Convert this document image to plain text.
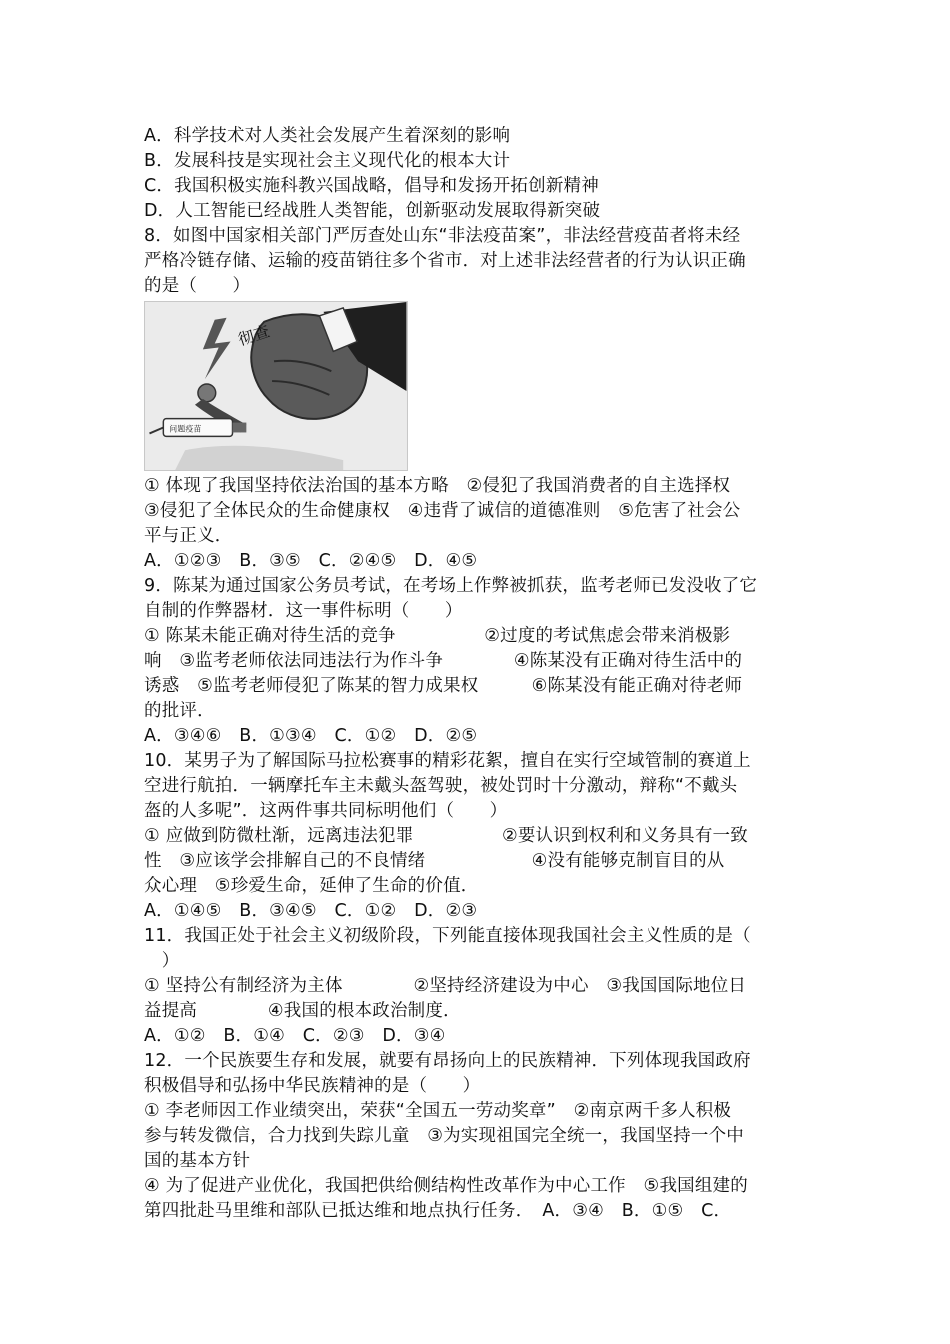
A．科学技术对人类社会发展产生着深刻的影响
B．发展科技是实现社会主义现代化的根本大计
C．我国积极实施科教兴国战略，倡导和发扬开拓创新精神
D．人工智能已经战胜人类智能，创新驱动发展取得新突破
8．如图中国家相关部门严厉查处山东“非法疫苗案”，非法经营疫苗者将未经
严格冷链存储、运输的疫苗销往多个省市．对上述非法经营者的行为认识正确
的是（　　）
彻查
问题疫苗
① 体现了我国坚持依法治国的基本方略　②侵犯了我国消费者的自主选择权
③侵犯了全体民众的生命健康权　④违背了诚信的道德准则　⑤危害了社会公
平与正义．
A．①②③　B．③⑤　C．②④⑤　D．④⑤
9．陈某为通过国家公务员考试，在考场上作弊被抓获，监考老师已发没收了它
自制的作弊器材．这一事件标明（　　）
① 陈某未能正确对待生活的竞争　　　　　②过度的考试焦虑会带来消极影
响　③监考老师依法同违法行为作斗争　　　　④陈某没有正确对待生活中的
诱惑　⑤监考老师侵犯了陈某的智力成果权　　　⑥陈某没有能正确对待老师
的批评．
A．③④⑥　B．①③④　C．①②　D．②⑤
10．某男子为了解国际马拉松赛事的精彩花絮，擅自在实行空域管制的赛道上
空进行航拍．一辆摩托车主未戴头盔驾驶，被处罚时十分激动，辩称“不戴头
盔的人多呢”．这两件事共同标明他们（　　）
① 应做到防微杜渐，远离违法犯罪　　　　　②要认识到权利和义务具有一致
性　③应该学会排解自己的不良情绪　　　　　　④没有能够克制盲目的从
众心理　⑤珍爱生命，延伸了生命的价值．
A．①④⑤　B．③④⑤　C．①②　D．②③
11．我国正处于社会主义初级阶段，下列能直接体现我国社会主义性质的是（
　）
① 坚持公有制经济为主体　　　　②坚持经济建设为中心　③我国国际地位日
益提高　　　　④我国的根本政治制度．
A．①②　B．①④　C．②③　D．③④
12．一个民族要生存和发展，就要有昂扬向上的民族精神．下列体现我国政府
积极倡导和弘扬中华民族精神的是（　　）
① 李老师因工作业绩突出，荣获“全国五一劳动奖章”　②南京两千多人积极
参与转发微信，合力找到失踪儿童　③为实现祖国完全统一，我国坚持一个中
国的基本方针
④ 为了促进产业优化，我国把供给侧结构性改革作为中心工作　⑤我国组建的
第四批赴马里维和部队已抵达维和地点执行任务．　A．③④　B．①⑤　C．
